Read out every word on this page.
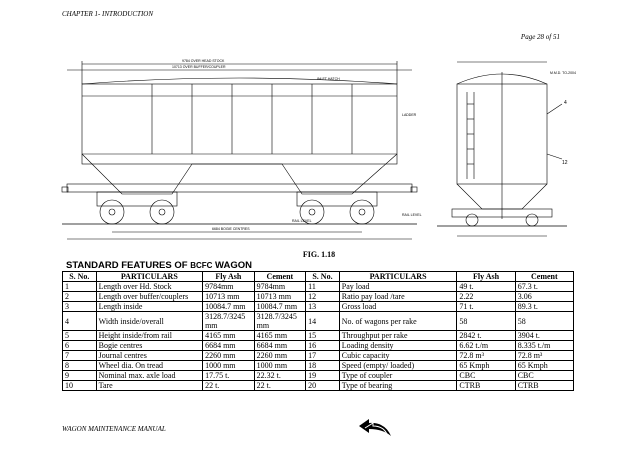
CHAPTER 1- INTRODUCTION
Page 28 of 51
9784 OVER HEAD STOCK
10713 OVER BUFFER/COUPLER
INLET HATCH
6684 BOGIE CENTRES
RAIL LEVEL
RAIL LEVEL
LADDER
M.M.D. TO-2004
4
12
FIG. 1.18
STANDARD FEATURES OF BCFC WAGON
S. No.	PARTICULARS	Fly Ash	Cement	S. No.	PARTICULARS	Fly Ash	Cement
1	Length over Hd. Stock	9784mm	9784mm	11	Pay load	49 t.	67.3 t.
2	Length over buffer/couplers	10713 mm	10713 mm	12	Ratio pay load /tare	2.22	3.06
3	Length inside	10084.7 mm	10084.7 mm	13	Gross load	71 t.	89.3 t.
4	Width inside/overall	3128.7/3245 mm	3128.7/3245 mm	14	No. of wagons per rake	58	58
5	Height inside/from rail	4165 mm	4165 mm	15	Throughput per rake	2842 t.	3904 t.
6	Bogie centres	6684 mm	6684 mm	16	Loading density	6.62 t./m	8.335 t./m
7	Journal centres	2260 mm	2260 mm	17	Cubic capacity	72.8 m³	72.8 m³
8	Wheel dia. On tread	1000 mm	1000 mm	18	Speed (empty/ loaded)	65 Kmph	65 Kmph
9	Nominal max. axle load	17.75 t.	22.32 t.	19	Type of coupler	CBC	CBC
10	Tare	22 t.	22 t.	20	Type of bearing	CTRB	CTRB
WAGON MAINTENANCE MANUAL
